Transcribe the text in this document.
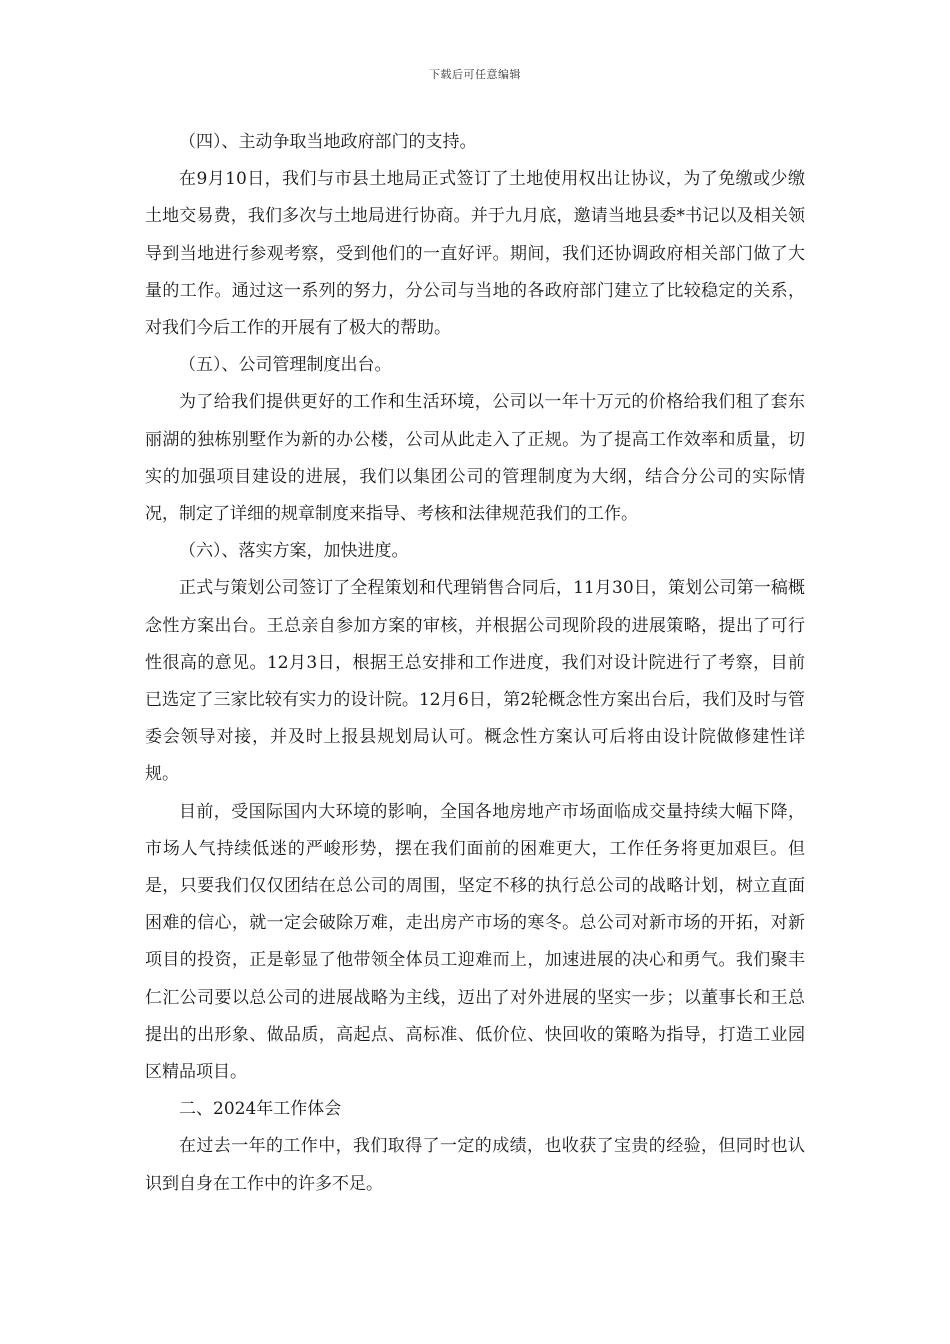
下载后可任意编辑

（四）、主动争取当地政府部门的支持。

在9月10日，我们与市县土地局正式签订了土地使用权出让协议，为了免缴或少缴土地交易费，我们多次与土地局进行协商。并于九月底，邀请当地县委*书记以及相关领导到当地进行参观考察，受到他们的一直好评。期间，我们还协调政府相关部门做了大量的工作。通过这一系列的努力，分公司与当地的各政府部门建立了比较稳定的关系，对我们今后工作的开展有了极大的帮助。

（五）、公司管理制度出台。

为了给我们提供更好的工作和生活环境，公司以一年十万元的价格给我们租了套东丽湖的独栋别墅作为新的办公楼，公司从此走入了正规。为了提高工作效率和质量，切实的加强项目建设的进展，我们以集团公司的管理制度为大纲，结合分公司的实际情况，制定了详细的规章制度来指导、考核和法律规范我们的工作。

（六）、落实方案，加快进度。

正式与策划公司签订了全程策划和代理销售合同后，11月30日，策划公司第一稿概念性方案出台。王总亲自参加方案的审核，并根据公司现阶段的进展策略，提出了可行性很高的意见。12月3日，根据王总安排和工作进度，我们对设计院进行了考察，目前已选定了三家比较有实力的设计院。12月6日，第2轮概念性方案出台后，我们及时与管委会领导对接，并及时上报县规划局认可。概念性方案认可后将由设计院做修建性详规。

目前，受国际国内大环境的影响，全国各地房地产市场面临成交量持续大幅下降，市场人气持续低迷的严峻形势，摆在我们面前的困难更大，工作任务将更加艰巨。但是，只要我们仅仅团结在总公司的周围，坚定不移的执行总公司的战略计划，树立直面困难的信心，就一定会破除万难，走出房产市场的寒冬。总公司对新市场的开拓，对新项目的投资，正是彰显了他带领全体员工迎难而上，加速进展的决心和勇气。我们聚丰仁汇公司要以总公司的进展战略为主线，迈出了对外进展的坚实一步；以董事长和王总提出的出形象、做品质，高起点、高标准、低价位、快回收的策略为指导，打造工业园区精品项目。

二、2024年工作体会

在过去一年的工作中，我们取得了一定的成绩，也收获了宝贵的经验，但同时也认识到自身在工作中的许多不足。
